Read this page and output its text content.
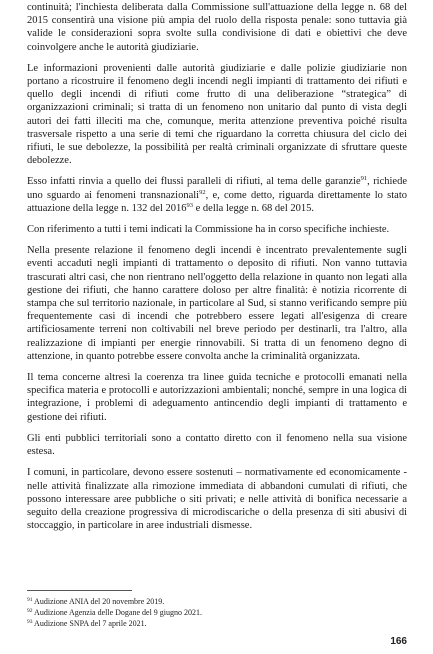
continuità; l'inchiesta deliberata dalla Commissione sull'attuazione della legge n. 68 del 2015 consentirà una visione più ampia del ruolo della risposta penale: sono tuttavia già valide le considerazioni sopra svolte sulla condivisione di dati e obiettivi che deve coinvolgere anche le autorità giudiziarie.

Le informazioni provenienti dalle autorità giudiziarie e dalle polizie giudiziarie non portano a ricostruire il fenomeno degli incendi negli impianti di trattamento dei rifiuti e quello degli incendi di rifiuti come frutto di una deliberazione “strategica” di organizzazioni criminali; si tratta di un fenomeno non unitario dal punto di vista degli autori dei fatti illeciti ma che, comunque, merita attenzione preventiva poiché risulta trasversale rispetto a una serie di temi che riguardano la corretta chiusura del ciclo dei rifiuti, le sue debolezze, la possibilità per realtà criminali organizzate di sfruttare queste debolezze.

Esso infatti rinvia a quello dei flussi paralleli di rifiuti, al tema delle garanzie$^{91}$, richiede uno sguardo ai fenomeni transnazionali$^{92}$, e, come detto, riguarda direttamente lo stato attuazione della legge n. 132 del 2016$^{93}$ e della legge n. 68 del 2015.

Con riferimento a tutti i temi indicati la Commissione ha in corso specifiche inchieste.

Nella presente relazione il fenomeno degli incendi è incentrato prevalentemente sugli eventi accaduti negli impianti di trattamento o deposito di rifiuti. Non vanno tuttavia trascurati altri casi, che non rientrano nell'oggetto della relazione in quanto non legati alla gestione dei rifiuti, che hanno carattere doloso per altre finalità: è notizia ricorrente di stampa che sul territorio nazionale, in particolare al Sud, si stanno verificando sempre più frequentemente casi di incendi che potrebbero essere legati all'esigenza di creare artificiosamente terreni non coltivabili nel breve periodo per destinarli, tra l'altro, alla realizzazione di impianti per energie rinnovabili. Si tratta di un fenomeno degno di attenzione, in quanto potrebbe essere convolta anche la criminalità organizzata.

Il tema concerne altresì la coerenza tra linee guida tecniche e protocolli emanati nella specifica materia e protocolli e autorizzazioni ambientali; nonché, sempre in una logica di integrazione, i problemi di adeguamento antincendio degli impianti di trattamento e gestione dei rifiuti.

Gli enti pubblici territoriali sono a contatto diretto con il fenomeno nella sua visione estesa.

I comuni, in particolare, devono essere sostenuti – normativamente ed economicamente - nelle attività finalizzate alla rimozione immediata di abbandoni cumulati di rifiuti, che possono interessare aree pubbliche o siti privati; e nelle attività di bonifica necessarie a seguito della creazione progressiva di microdiscariche o della presenza di siti abusivi di stoccaggio, in particolare in aree industriali dismesse.

$^{91}$ Audizione ANIA del 20 novembre 2019.
$^{92}$ Audizione Agenzia delle Dogane del 9 giugno 2021.
$^{93}$ Audizione SNPA del 7 aprile 2021.
166
